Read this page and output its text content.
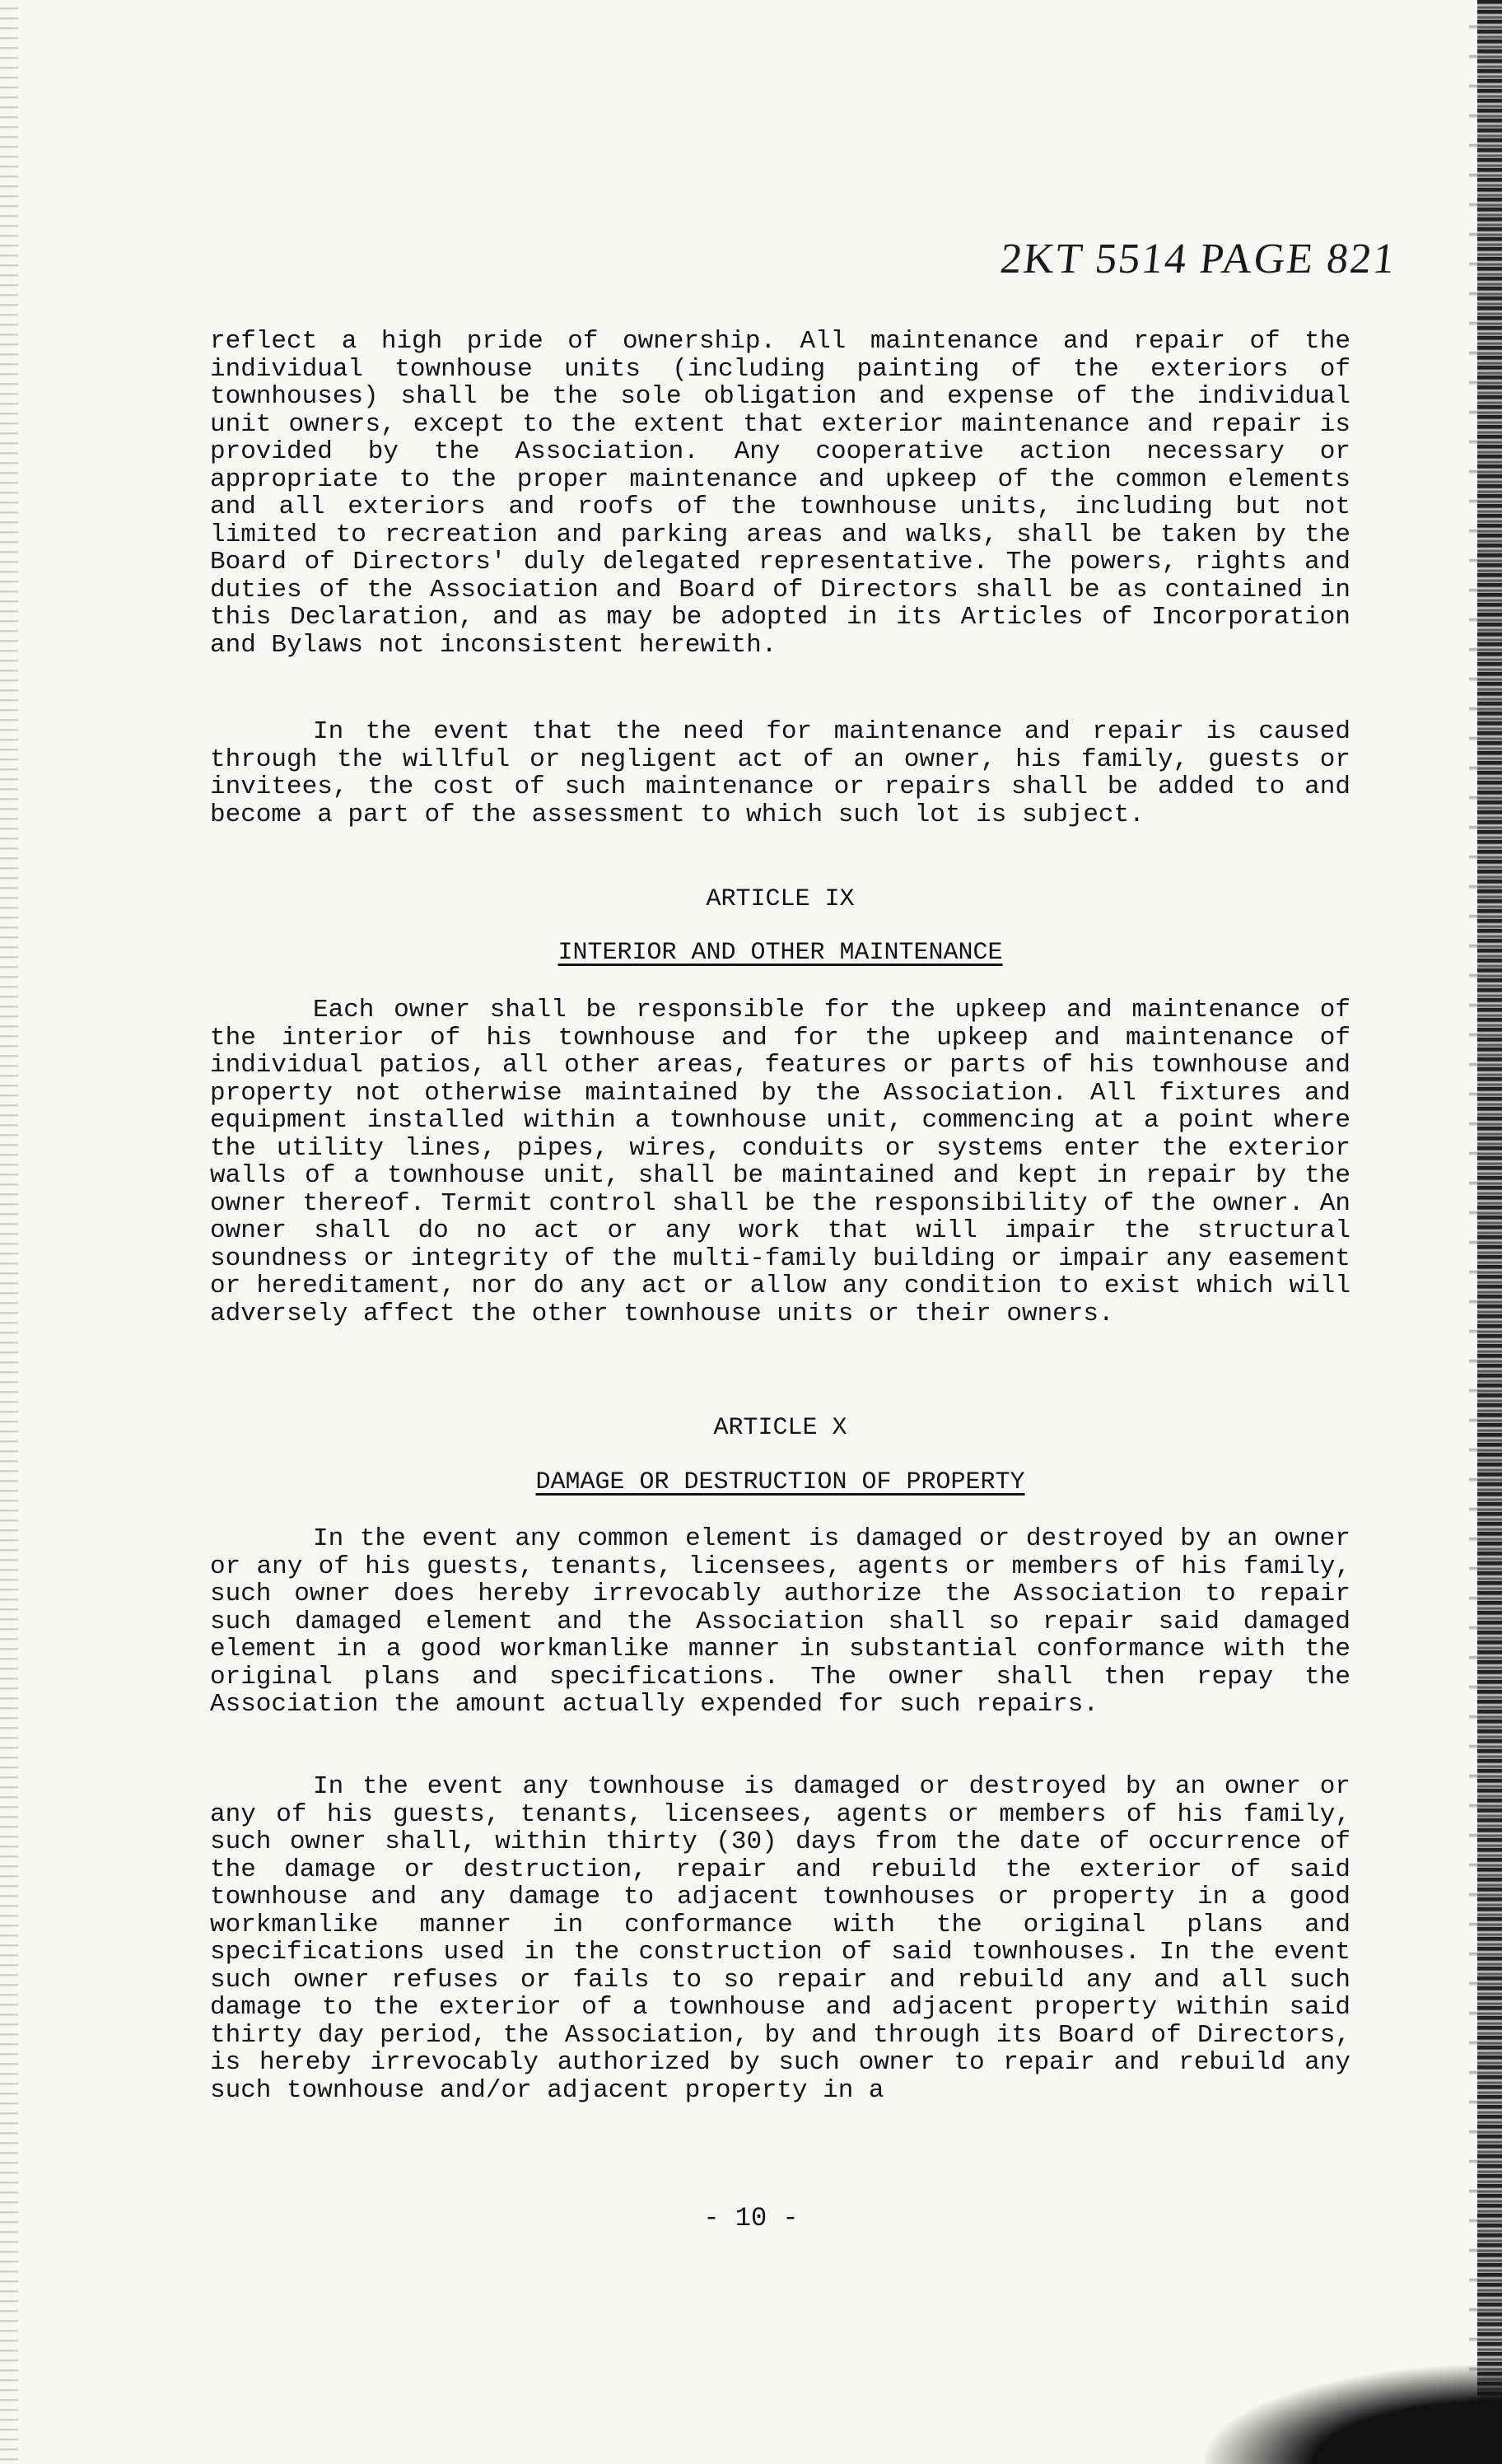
2KT 5514 PAGE 821

reflect a high pride of ownership. All maintenance and repair of the individual townhouse units (including painting of the exteriors of townhouses) shall be the sole obligation and expense of the individual unit owners, except to the extent that exterior maintenance and repair is provided by the Association. Any cooperative action necessary or appropriate to the proper maintenance and upkeep of the common elements and all exteriors and roofs of the townhouse units, including but not limited to recreation and parking areas and walks, shall be taken by the Board of Directors' duly delegated representative. The powers, rights and duties of the Association and Board of Directors shall be as contained in this Declaration, and as may be adopted in its Articles of Incorporation and Bylaws not inconsistent herewith.

In the event that the need for maintenance and repair is caused through the willful or negligent act of an owner, his family, guests or invitees, the cost of such maintenance or repairs shall be added to and become a part of the assessment to which such lot is subject.

ARTICLE IX

INTERIOR AND OTHER MAINTENANCE

Each owner shall be responsible for the upkeep and maintenance of the interior of his townhouse and for the upkeep and maintenance of individual patios, all other areas, features or parts of his townhouse and property not otherwise maintained by the Association. All fixtures and equipment installed within a townhouse unit, commencing at a point where the utility lines, pipes, wires, conduits or systems enter the exterior walls of a townhouse unit, shall be maintained and kept in repair by the owner thereof. Termit control shall be the responsibility of the owner. An owner shall do no act or any work that will impair the structural soundness or integrity of the multi-family building or impair any easement or hereditament, nor do any act or allow any condition to exist which will adversely affect the other townhouse units or their owners.

ARTICLE X

DAMAGE OR DESTRUCTION OF PROPERTY

In the event any common element is damaged or destroyed by an owner or any of his guests, tenants, licensees, agents or members of his family, such owner does hereby irrevocably authorize the Association to repair such damaged element and the Association shall so repair said damaged element in a good workmanlike manner in substantial conformance with the original plans and specifications. The owner shall then repay the Association the amount actually expended for such repairs.

In the event any townhouse is damaged or destroyed by an owner or any of his guests, tenants, licensees, agents or members of his family, such owner shall, within thirty (30) days from the date of occurrence of the damage or destruction, repair and rebuild the exterior of said townhouse and any damage to adjacent townhouses or property in a good workmanlike manner in conformance with the original plans and specifications used in the construction of said townhouses. In the event such owner refuses or fails to so repair and rebuild any and all such damage to the exterior of a townhouse and adjacent property within said thirty day period, the Association, by and through its Board of Directors, is hereby irrevocably authorized by such owner to repair and rebuild any such townhouse and/or adjacent property in a

- 10 -
